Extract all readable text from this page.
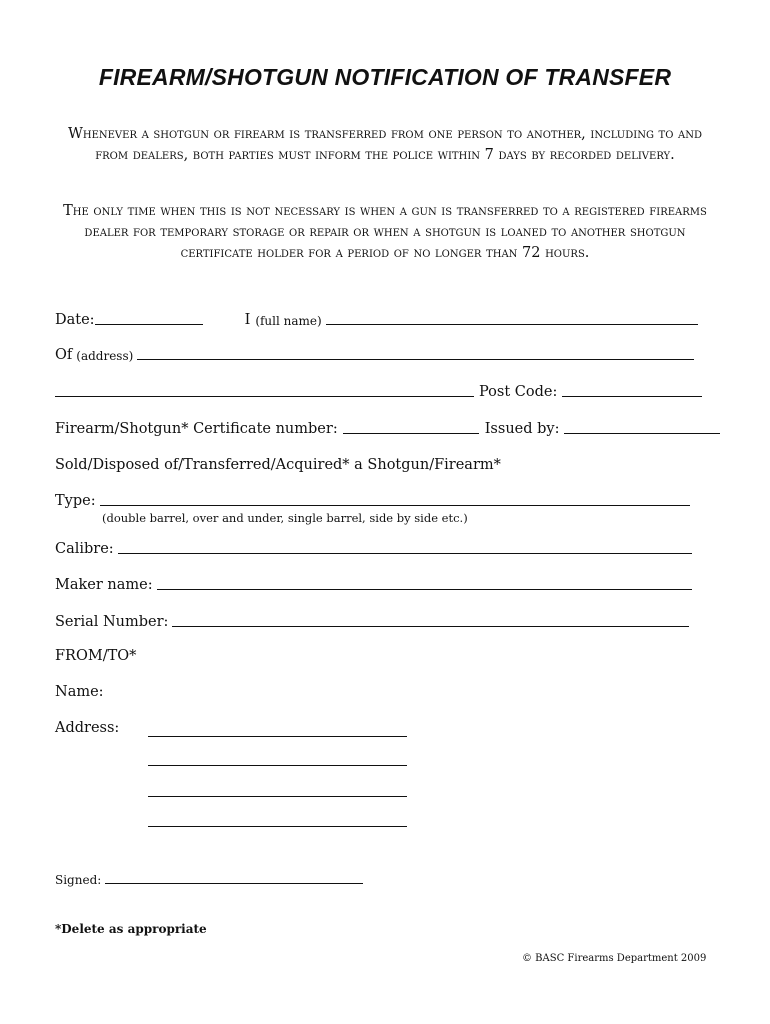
FIREARM/SHOTGUN NOTIFICATION OF TRANSFER
Whenever a shotgun or firearm is transferred from one person to another, including to and from dealers, both parties must inform the police within 7 days by recorded delivery.
The only time when this is not necessary is when a gun is transferred to a registered firearms dealer for temporary storage or repair or when a shotgun is loaned to another shotgun certificate holder for a period of no longer than 72 hours.
Date:	I (full name)
Of (address)
Post Code:
Firearm/Shotgun* Certificate number:	Issued by:
Sold/Disposed of/Transferred/Acquired* a Shotgun/Firearm*
Type:
(double barrel, over and under, single barrel, side by side etc.)
Calibre:
Maker name:
Serial Number:
FROM/TO*
Name:
Address:
Signed:
*Delete as appropriate
© BASC Firearms Department 2009
